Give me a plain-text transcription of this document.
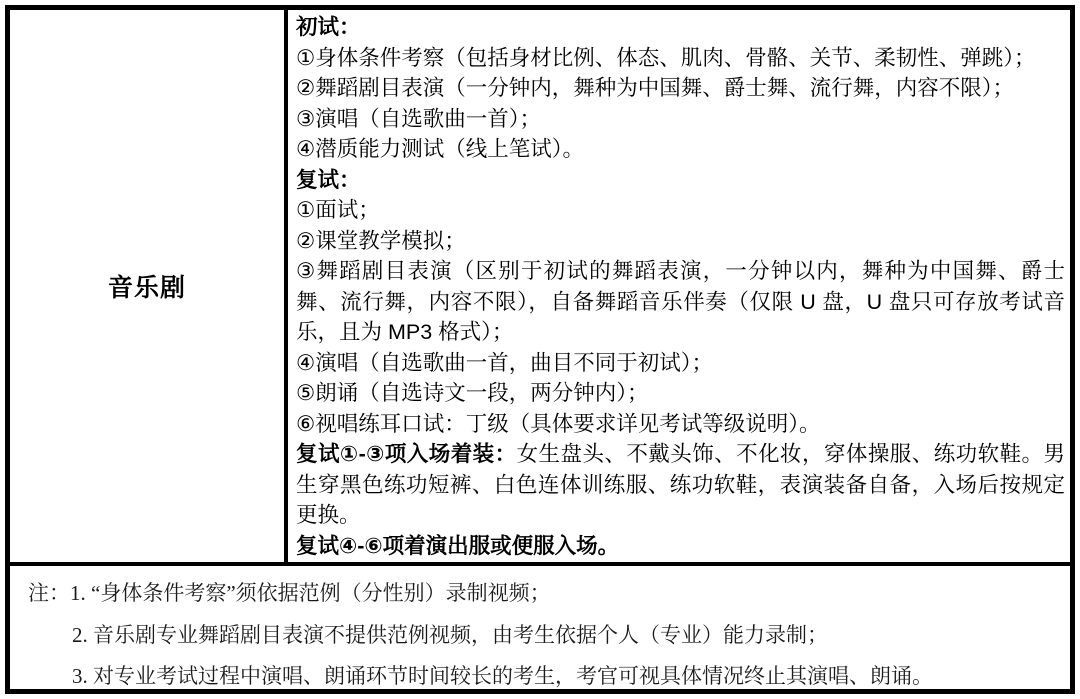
音乐剧
初试：
①身体条件考察（包括身材比例、体态、肌肉、骨骼、关节、柔韧性、弹跳）；
②舞蹈剧目表演（一分钟内，舞种为中国舞、爵士舞、流行舞，内容不限）；
③演唱（自选歌曲一首）；
④潜质能力测试（线上笔试）。
复试：
①面试；
②课堂教学模拟；
③舞蹈剧目表演（区别于初试的舞蹈表演，一分钟以内，舞种为中国舞、爵士舞、流行舞，内容不限），自备舞蹈音乐伴奏（仅限 U 盘，U 盘只可存放考试音乐，且为 MP3 格式）；
④演唱（自选歌曲一首，曲目不同于初试）；
⑤朗诵（自选诗文一段，两分钟内）；
⑥视唱练耳口试：丁级（具体要求详见考试等级说明）。
复试①-③项入场着装：女生盘头、不戴头饰、不化妆，穿体操服、练功软鞋。男生穿黑色练功短裤、白色连体训练服、练功软鞋，表演装备自备，入场后按规定更换。
复试④-⑥项着演出服或便服入场。
注：1. “身体条件考察”须依据范例（分性别）录制视频；
2. 音乐剧专业舞蹈剧目表演不提供范例视频，由考生依据个人（专业）能力录制；
3. 对专业考试过程中演唱、朗诵环节时间较长的考生，考官可视具体情况终止其演唱、朗诵。
